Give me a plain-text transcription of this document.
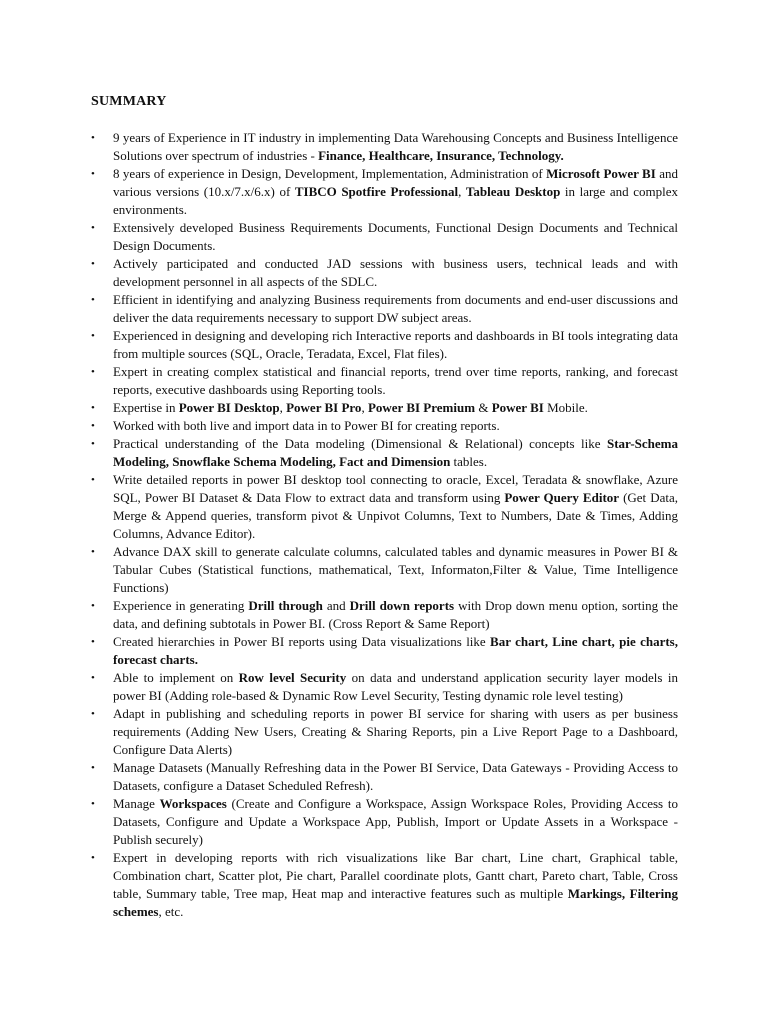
SUMMARY
• 9 years of Experience in IT industry in implementing Data Warehousing Concepts and Business Intelligence Solutions over spectrum of industries - Finance, Healthcare, Insurance, Technology.
• 8 years of experience in Design, Development, Implementation, Administration of Microsoft Power BI and various versions (10.x/7.x/6.x) of TIBCO Spotfire Professional, Tableau Desktop in large and complex environments.
• Extensively developed Business Requirements Documents, Functional Design Documents and Technical Design Documents.
• Actively participated and conducted JAD sessions with business users, technical leads and with development personnel in all aspects of the SDLC.
• Efficient in identifying and analyzing Business requirements from documents and end-user discussions and deliver the data requirements necessary to support DW subject areas.
• Experienced in designing and developing rich Interactive reports and dashboards in BI tools integrating data from multiple sources (SQL, Oracle, Teradata, Excel, Flat files).
• Expert in creating complex statistical and financial reports, trend over time reports, ranking, and forecast reports, executive dashboards using Reporting tools.
• Expertise in Power BI Desktop, Power BI Pro, Power BI Premium & Power BI Mobile.
• Worked with both live and import data in to Power BI for creating reports.
• Practical understanding of the Data modeling (Dimensional & Relational) concepts like Star-Schema Modeling, Snowflake Schema Modeling, Fact and Dimension tables.
• Write detailed reports in power BI desktop tool connecting to oracle, Excel, Teradata & snowflake, Azure SQL, Power BI Dataset & Data Flow to extract data and transform using Power Query Editor (Get Data, Merge & Append queries, transform pivot & Unpivot Columns, Text to Numbers, Date & Times, Adding Columns, Advance Editor).
• Advance DAX skill to generate calculate columns, calculated tables and dynamic measures in Power BI & Tabular Cubes (Statistical functions, mathematical, Text, Informaton,Filter & Value, Time Intelligence Functions)
• Experience in generating Drill through and Drill down reports with Drop down menu option, sorting the data, and defining subtotals in Power BI. (Cross Report & Same Report)
• Created hierarchies in Power BI reports using Data visualizations like Bar chart, Line chart, pie charts, forecast charts.
• Able to implement on Row level Security on data and understand application security layer models in power BI (Adding role-based & Dynamic Row Level Security, Testing dynamic role level testing)
• Adapt in publishing and scheduling reports in power BI service for sharing with users as per business requirements (Adding New Users, Creating & Sharing Reports, pin a Live Report Page to a Dashboard, Configure Data Alerts)
• Manage Datasets (Manually Refreshing data in the Power BI Service, Data Gateways - Providing Access to Datasets, configure a Dataset Scheduled Refresh).
• Manage Workspaces (Create and Configure a Workspace, Assign Workspace Roles, Providing Access to Datasets, Configure and Update a Workspace App, Publish, Import or Update Assets in a Workspace - Publish securely)
• Expert in developing reports with rich visualizations like Bar chart, Line chart, Graphical table, Combination chart, Scatter plot, Pie chart, Parallel coordinate plots, Gantt chart, Pareto chart, Table, Cross table, Summary table, Tree map, Heat map and interactive features such as multiple Markings, Filtering schemes, etc.
